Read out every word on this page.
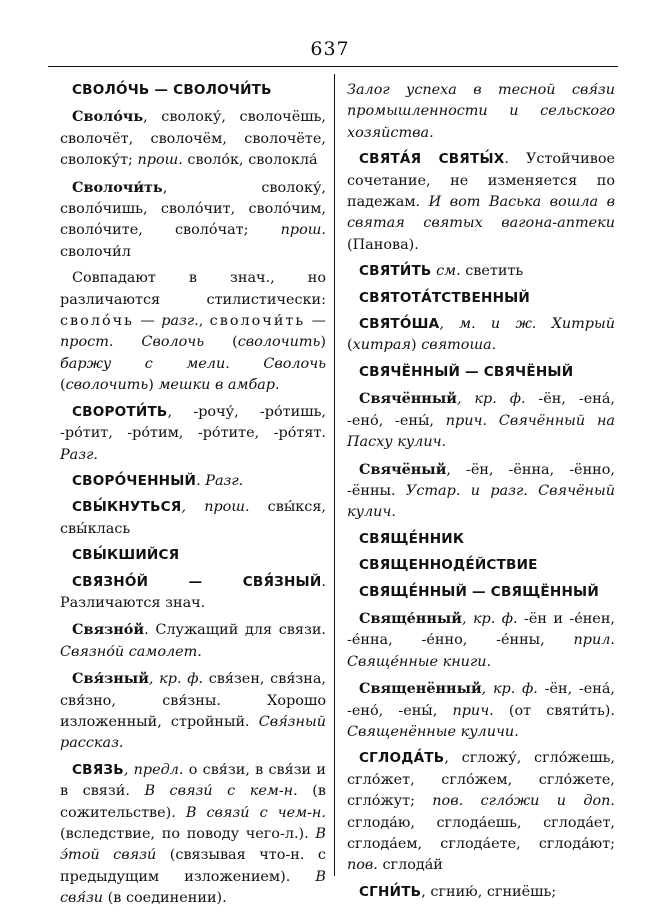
637

СВОЛО́ЧЬ — СВОЛОЧИ́ТЬ

Своло́чь, сволоку́, сволочёшь, сволочёт, сволочём, сволочёте, сволоку́т; прош. своло́к, сволокла́

Сволочи́ть, сволоку́, сволóчишь, сволóчит, сволóчим, сволóчите, сволóчат; прош. сволочи́л

Совпадают в знач., но различаются стилистически: сволóчь — разг., сволочи́ть — прост. Сволочь (сволочить) баржу с мели. Сволочь (сволочить) мешки в амбар.

СВОРОТИ́ТЬ, -рочу́, -ро́тишь, -ро́тит, -ро́тим, -ро́тите, -ро́тят. Разг.

СВОРО́ЧЕННЫЙ. Разг.

СВЫ́КНУТЬСЯ, прош. свы́кся, свы́клась

СВЫ́КШИЙСЯ

СВЯЗНО́Й — СВЯ́ЗНЫЙ. Различаются знач.

Связно́й. Служащий для связи. Связно́й самолет.

Свя́зный, кр. ф. свя́зен, свя́зна, свя́зно, свя́зны. Хорошо изложенный, стройный. Свя́зный рассказ.

СВЯЗЬ, предл. о свя́зи, в свя́зи и в связи́. В связи́ с кем-н. (в сожительстве). В связи́ с чем-н. (вследствие, по поводу чего-л.). В э́той связи́ (связывая что-н. с предыдущим изложением). В свя́зи (в соединении).

Залог успеха в тесной свя́зи промышленности и сельского хозяйства.

СВЯТА́Я СВЯТЫ́Х. Устойчивое сочетание, не изменяется по падежам. И вот Васька вошла в святая святых вагона-аптеки (Панова).

СВЯТИ́ТЬ см. светить

СВЯТОТА́ТСТВЕННЫЙ

СВЯТО́ША, м. и ж. Хитрый (хитрая) святоша.

СВЯЧЁННЫЙ — СВЯЧЁНЫЙ

Свячённый, кр. ф. -ён, -ена́, -ено́, -ены́, прич. Свячённый на Пасху кулич.

Свячёный, -ён, -ённа, -ённо, -ённы. Устар. и разг. Свячёный кулич.

СВЯЩЕ́ННИК

СВЯЩЕННОДЕ́ЙСТВИЕ

СВЯЩЕ́ННЫЙ — СВЯЩЁННЫЙ

Свяще́нный, кр. ф. -ён и -е́нен, -е́нна, -е́нно, -е́нны, прил. Свяще́нные книги.

Священённый, кр. ф. -ён, -ена́, -ено́, -ены́, прич. (от святи́ть). Священённые куличи.

СГЛОДА́ТЬ, сгложу́, сгло́жешь, сгло́жет, сгло́жем, сгло́жете, сгло́жут; пов. сгло́жи и доп. сглода́ю, сглода́ешь, сглода́ет, сглода́ем, сглода́ете, сглода́ют; пов. сглода́й

СГНИ́ТЬ, сгнию́, сгниёшь;
